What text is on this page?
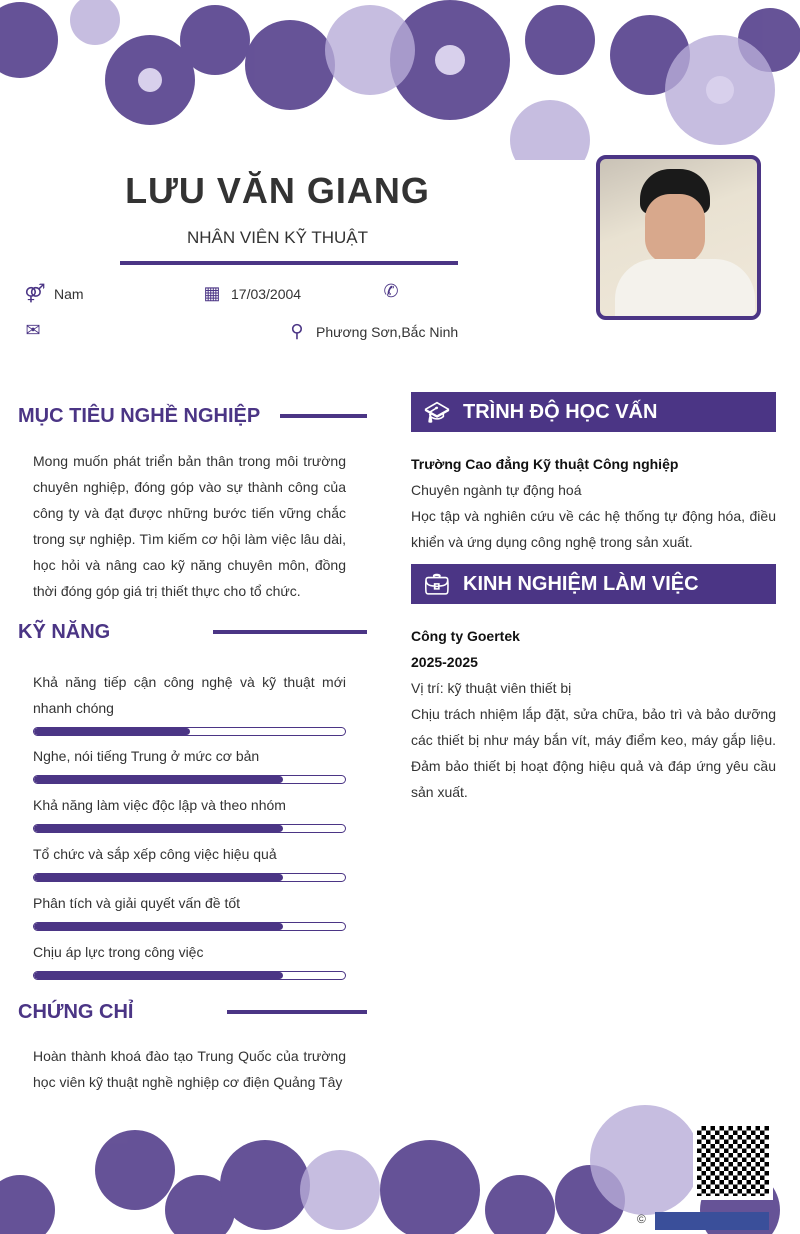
LƯU VĂN GIANG
NHÂN VIÊN KỸ THUẬT
⚤ Nam	▦ 17/03/2004	✆
✉	⚲ Phương Sơn,Bắc Ninh
MỤC TIÊU NGHỀ NGHIỆP
Mong muốn phát triển bản thân trong môi trường chuyên nghiệp, đóng góp vào sự thành công của công ty và đạt được những bước tiến vững chắc trong sự nghiệp. Tìm kiếm cơ hội làm việc lâu dài, học hỏi và nâng cao kỹ năng chuyên môn, đồng thời đóng góp giá trị thiết thực cho tổ chức.
KỸ NĂNG
Khả năng tiếp cận công nghệ và kỹ thuật mới nhanh chóng
Nghe, nói tiếng Trung ở mức cơ bản
Khả năng làm việc độc lập và theo nhóm
Tổ chức và sắp xếp công việc hiệu quả
Phân tích và giải quyết vấn đề tốt
Chịu áp lực trong công việc
CHỨNG CHỈ
Hoàn thành khoá đào tạo Trung Quốc của trường học viên kỹ thuật nghề nghiệp cơ điện Quảng Tây
🎓︎ TRÌNH ĐỘ HỌC VẤN
Trường Cao đẳng Kỹ thuật Công nghiệp
Chuyên ngành tự động hoá
Học tập và nghiên cứu về các hệ thống tự động hóa, điều khiển và ứng dụng công nghệ trong sản xuất.
💼︎ KINH NGHIỆM LÀM VIỆC
Công ty Goertek
2025-2025
Vị trí: kỹ thuật viên thiết bị
Chịu trách nhiệm lắp đặt, sửa chữa, bảo trì và bảo dưỡng các thiết bị như máy bắn vít, máy điểm keo, máy gắp liệu. Đảm bảo thiết bị hoạt động hiệu quả và đáp ứng yêu cầu sản xuất.
©
